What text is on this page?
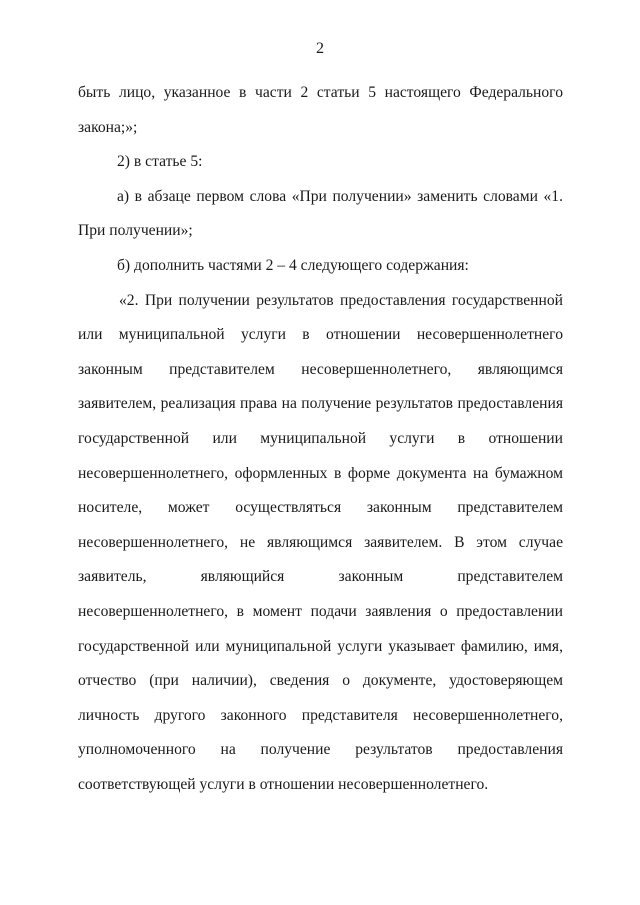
2

быть лицо, указанное в части 2 статьи 5 настоящего Федерального закона;»;

2) в статье 5:

а) в абзаце первом слова «При получении» заменить словами «1. При получении»;

б) дополнить частями 2 – 4 следующего содержания:

«2. При получении результатов предоставления государственной или муниципальной услуги в отношении несовершеннолетнего законным представителем несовершеннолетнего, являющимся заявителем, реализация права на получение результатов предоставления государственной или муниципальной услуги в отношении несовершеннолетнего, оформленных в форме документа на бумажном носителе, может осуществляться законным представителем несовершеннолетнего, не являющимся заявителем. В этом случае заявитель, являющийся законным представителем несовершеннолетнего, в момент подачи заявления о предоставлении государственной или муниципальной услуги указывает фамилию, имя, отчество (при наличии), сведения о документе, удостоверяющем личность другого законного представителя несовершеннолетнего, уполномоченного на получение результатов предоставления соответствующей услуги в отношении несовершеннолетнего.
